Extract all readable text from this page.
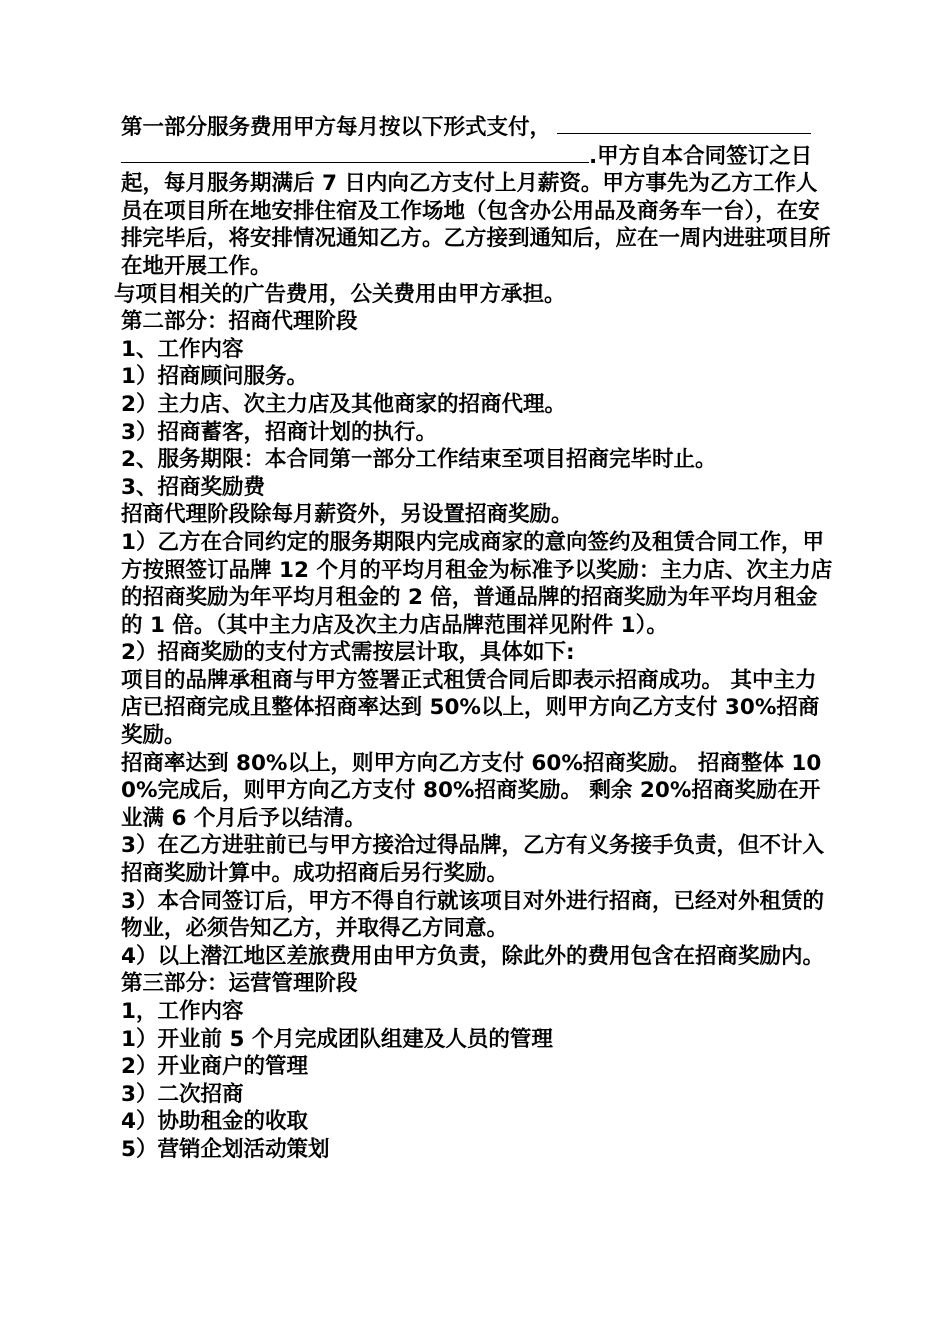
第一部分服务费用甲方每月按以下形式支付，.甲方自本合同签订之日起，每月服务期满后 7 日内向乙方支付上月薪资。甲方事先为乙方工作人员在项目所在地安排住宿及工作场地（包含办公用品及商务车一台），在安排完毕后，将安排情况通知乙方。乙方接到通知后，应在一周内进驻项目所在地开展工作。

与项目相关的广告费用，公关费用由甲方承担。

第二部分：招商代理阶段

1、工作内容

1）招商顾问服务。

2）主力店、次主力店及其他商家的招商代理。

3）招商蓄客，招商计划的执行。

2、服务期限：本合同第一部分工作结束至项目招商完毕时止。

3、招商奖励费

招商代理阶段除每月薪资外，另设置招商奖励。

1）乙方在合同约定的服务期限内完成商家的意向签约及租赁合同工作，甲方按照签订品牌 12 个月的平均月租金为标准予以奖励：主力店、次主力店的招商奖励为年平均月租金的 2 倍，普通品牌的招商奖励为年平均月租金的 1 倍。（其中主力店及次主力店品牌范围祥见附件 1）。

2）招商奖励的支付方式需按层计取，具体如下:

项目的品牌承租商与甲方签署正式租赁合同后即表示招商成功。 其中主力店已招商完成且整体招商率达到 50%以上，则甲方向乙方支付 30%招商奖励。

招商率达到 80%以上，则甲方向乙方支付 60%招商奖励。 招商整体 100%完成后，则甲方向乙方支付 80%招商奖励。 剩余 20%招商奖励在开业满 6 个月后予以结清。

3）在乙方进驻前已与甲方接洽过得品牌，乙方有义务接手负责，但不计入招商奖励计算中。成功招商后另行奖励。

3）本合同签订后，甲方不得自行就该项目对外进行招商，已经对外租赁的物业，必须告知乙方，并取得乙方同意。

4）以上潜江地区差旅费用由甲方负责，除此外的费用包含在招商奖励内。

第三部分：运营管理阶段

1，工作内容

1）开业前 5 个月完成团队组建及人员的管理

2）开业商户的管理

3）二次招商

4）协助租金的收取

5）营销企划活动策划
